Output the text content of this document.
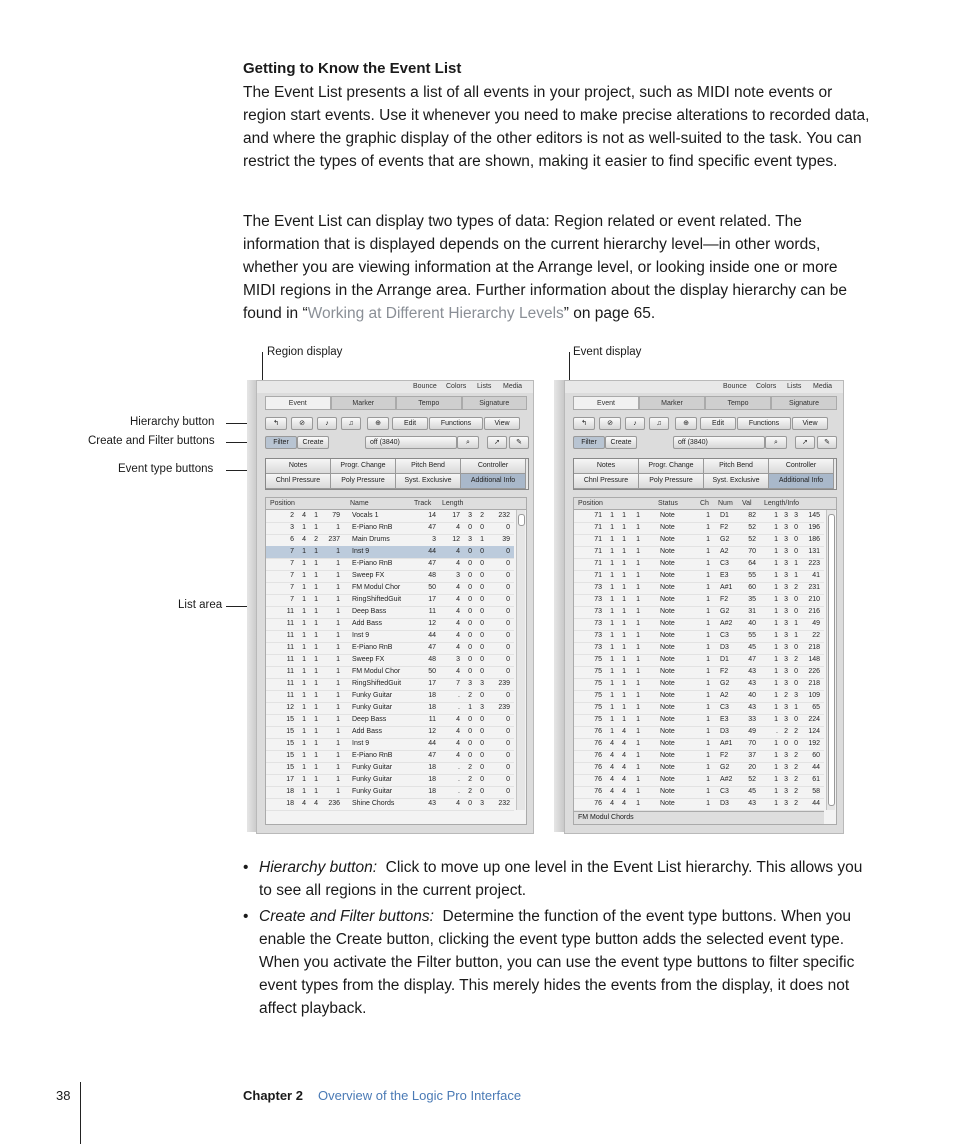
Getting to Know the Event List

The Event List presents a list of all events in your project, such as MIDI note events or region start events. Use it whenever you need to make precise alterations to recorded data, and where the graphic display of the other editors is not as well-suited to the task. You can restrict the types of events that are shown, making it easier to find specific event types.

The Event List can display two types of data: Region related or event related. The information that is displayed depends on the current hierarchy level—in other words, whether you are viewing information at the Arrange level, or looking inside one or more MIDI regions in the Arrange area. Further information about the display hierarchy can be found in “Working at Different Hierarchy Levels” on page 65.

Region display	Event display
Hierarchy button
Create and Filter buttons
Event type buttons
List area
Bounce Colors Lists Media
Event	Marker	Tempo	Signature
↰	⊘	♪	♫	⊕	Edit	Functions	View
Filter	Create	off (3840)	⌕	➚	✎
Notes	Progr. Change	Pitch Bend	Controller
Chnl Pressure	Poly Pressure	Syst. Exclusive	Additional Info
Position	Name	Track Length
2	4	1	79 Vocals 1	14	17	3	2	232
3	1	1	1 E-Piano RnB	47	4	0	0	0
6	4	2	237 Main Drums	3	12	3	1	39
7	1	1	1 Inst 9	44	4	0	0	0
7	1	1	1 E-Piano RnB	47	4	0	0	0
7	1	1	1 Sweep FX	48	3	0	0	0
7	1	1	1 FM Modul Chor	50	4	0	0	0
7	1	1	1 RingShiftedGuit	17	4	0	0	0
11	1	1	1 Deep Bass	11	4	0	0	0
11	1	1	1 Add Bass	12	4	0	0	0
11	1	1	1 Inst 9	44	4	0	0	0
11	1	1	1 E-Piano RnB	47	4	0	0	0
11	1	1	1 Sweep FX	48	3	0	0	0
11	1	1	1 FM Modul Chor	50	4	0	0	0
11	1	1	1 RingShiftedGuit	17	7	3	3	239
11	1	1	1 Funky Guitar	18	.	2	0	0
12	1	1	1 Funky Guitar	18	.	1	3	239
15	1	1	1 Deep Bass	11	4	0	0	0
15	1	1	1 Add Bass	12	4	0	0	0
15	1	1	1 Inst 9	44	4	0	0	0
15	1	1	1 E-Piano RnB	47	4	0	0	0
15	1	1	1 Funky Guitar	18	.	2	0	0
17	1	1	1 Funky Guitar	18	.	2	0	0
18	1	1	1 Funky Guitar	18	.	2	0	0
18	4	4	236 Shine Chords	43	4	0	3	232
Bounce Colors Lists Media
Event	Marker	Tempo	Signature
↰	⊘	♪	♫	⊕	Edit	Functions	View
Filter	Create	off (3840)	⌕	➚	✎
Notes	Progr. Change	Pitch Bend	Controller
Chnl Pressure	Poly Pressure	Syst. Exclusive	Additional Info
Position	Status	Ch Num Val Length/Info
FM Modul Chords
71	1	1	1	Note	1 D1	82	1 3 3	145
71	1	1	1	Note	1 F2	52	1 3 0	196
71	1	1	1	Note	1 G2	52	1 3 0	186
71	1	1	1	Note	1 A2	70	1 3 0	131
71	1	1	1	Note	1 C3	64	1 3 1	223
71	1	1	1	Note	1 E3	55	1 3 1	41
73	1	1	1	Note	1 A#1	60	1 3 2	231
73	1	1	1	Note	1 F2	35	1 3 0	210
73	1	1	1	Note	1 G2	31	1 3 0	216
73	1	1	1	Note	1 A#2	40	1 3 1	49
73	1	1	1	Note	1 C3	55	1 3 1	22
73	1	1	1	Note	1 D3	45	1 3 0	218
75	1	1	1	Note	1 D1	47	1 3 2	148
75	1	1	1	Note	1 F2	43	1 3 0	226
75	1	1	1	Note	1 G2	43	1 3 0	218
75	1	1	1	Note	1 A2	40	1 2 3	109
75	1	1	1	Note	1 C3	43	1 3 1	65
75	1	1	1	Note	1 E3	33	1 3 0	224
76	1	4	1	Note	1 D3	49	. 2 2	124
76	4	4	1	Note	1 A#1	70	1 0 0	192
76	4	4	1	Note	1 F2	37	1 3 2	60
76	4	4	1	Note	1 G2	20	1 3 2	44
76	4	4	1	Note	1 A#2	52	1 3 2	61
76	4	4	1	Note	1 C3	45	1 3 2	58
76	4	4	1	Note	1 D3	43	1 3 2	44
• Hierarchy button: Click to move up one level in the Event List hierarchy. This allows you to see all regions in the current project.
• Create and Filter buttons: Determine the function of the event type buttons. When you enable the Create button, clicking the event type button adds the selected event type. When you activate the Filter button, you can use the event type buttons to filter specific event types from the display. This merely hides the events from the display, it does not affect playback.
38	Chapter 2 Overview of the Logic Pro Interface
